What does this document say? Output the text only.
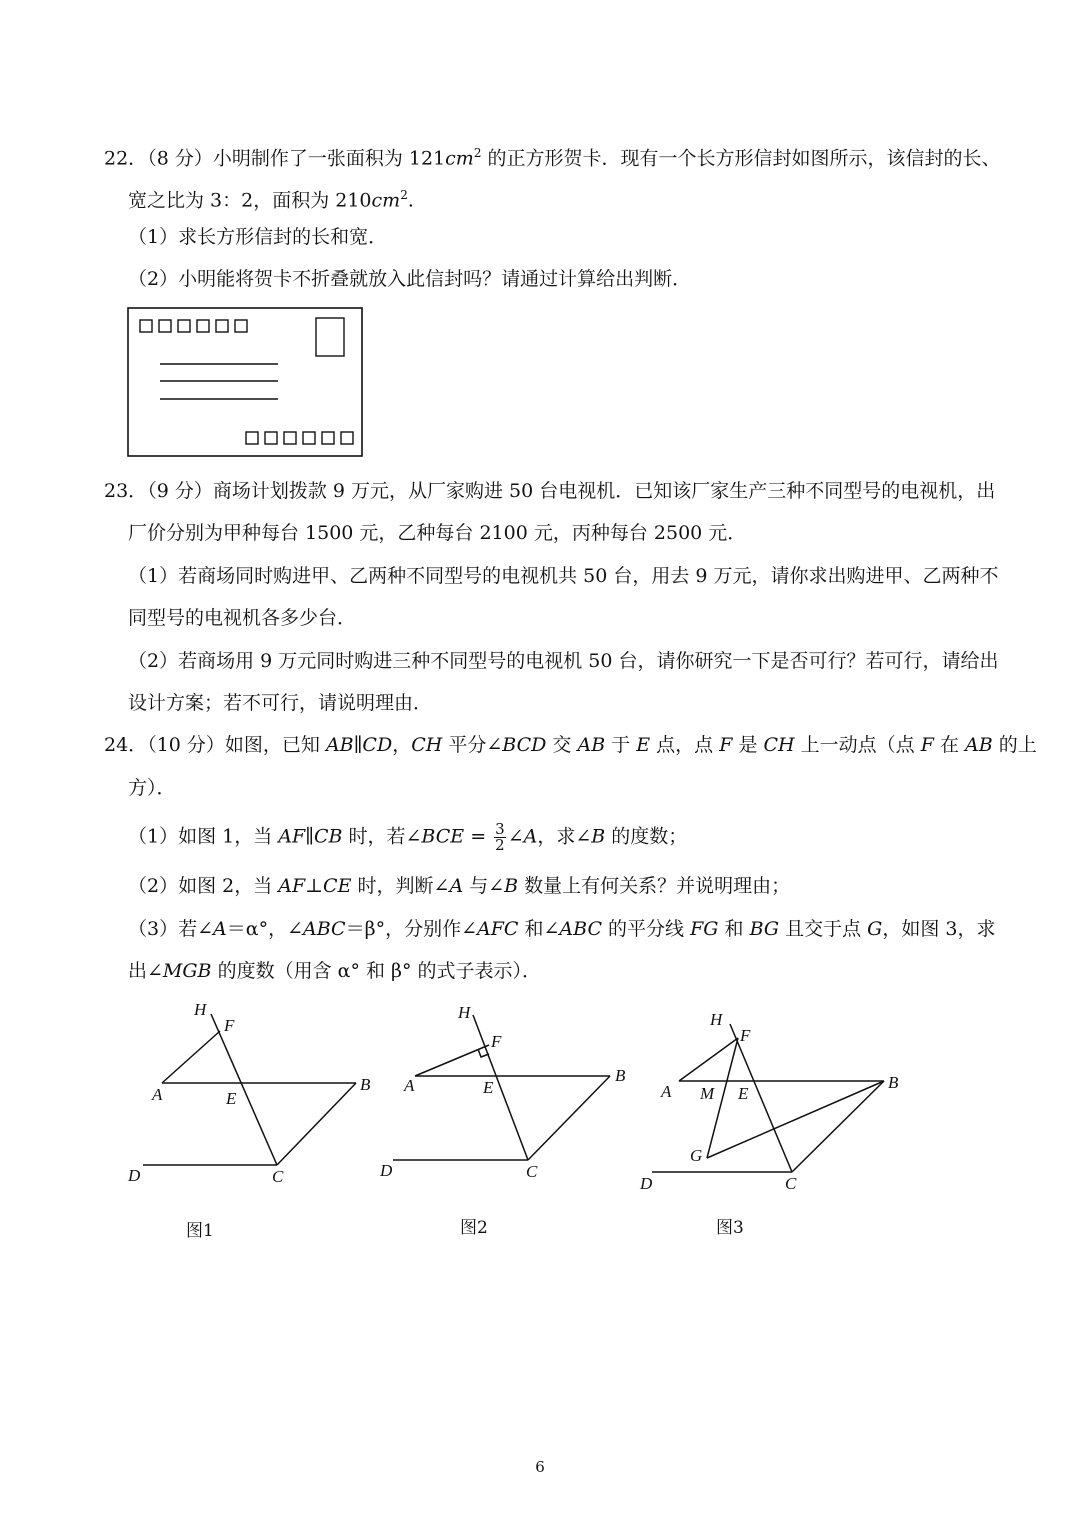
22．（8 分）小明制作了一张面积为 $121cm^2$ 的正方形贺卡．现有一个长方形信封如图所示，该信封的长、
宽之比为 3：2，面积为 $210cm^2$.
（1）求长方形信封的长和宽．
（2）小明能将贺卡不折叠就放入此信封吗？请通过计算给出判断．
23．（9 分）商场计划拨款 9 万元，从厂家购进 50 台电视机．已知该厂家生产三种不同型号的电视机，出
厂价分别为甲种每台 1500 元，乙种每台 2100 元，丙种每台 2500 元．
（1）若商场同时购进甲、乙两种不同型号的电视机共 50 台，用去 9 万元，请你求出购进甲、乙两种不
同型号的电视机各多少台．
（2）若商场用 9 万元同时购进三种不同型号的电视机 50 台，请你研究一下是否可行？若可行，请给出
设计方案；若不可行，请说明理由．
24．（10 分）如图，已知 AB∥CD，CH 平分∠BCD 交 AB 于 E 点，点 F 是 CH 上一动点（点 F 在 AB 的上
方）．
（1）如图 1，当 AF∥CB 时，若∠BCE = $\frac{3}{2}$ ∠A，求∠B 的度数；
（2）如图 2，当 AF⊥CE 时，判断∠A 与∠B 数量上有何关系？并说明理由；
（3）若∠A＝α°，∠ABC＝β°，分别作∠AFC 和∠ABC 的平分线 FG 和 BG 且交于点 G，如图 3，求
出∠MGB 的度数（用含 α° 和 β° 的式子表示）．
H
F
A	E
B
D	C
H
F
A	E
B
D	C
H
F
A M E
B
G
D	C
图1	图2	图3
6
